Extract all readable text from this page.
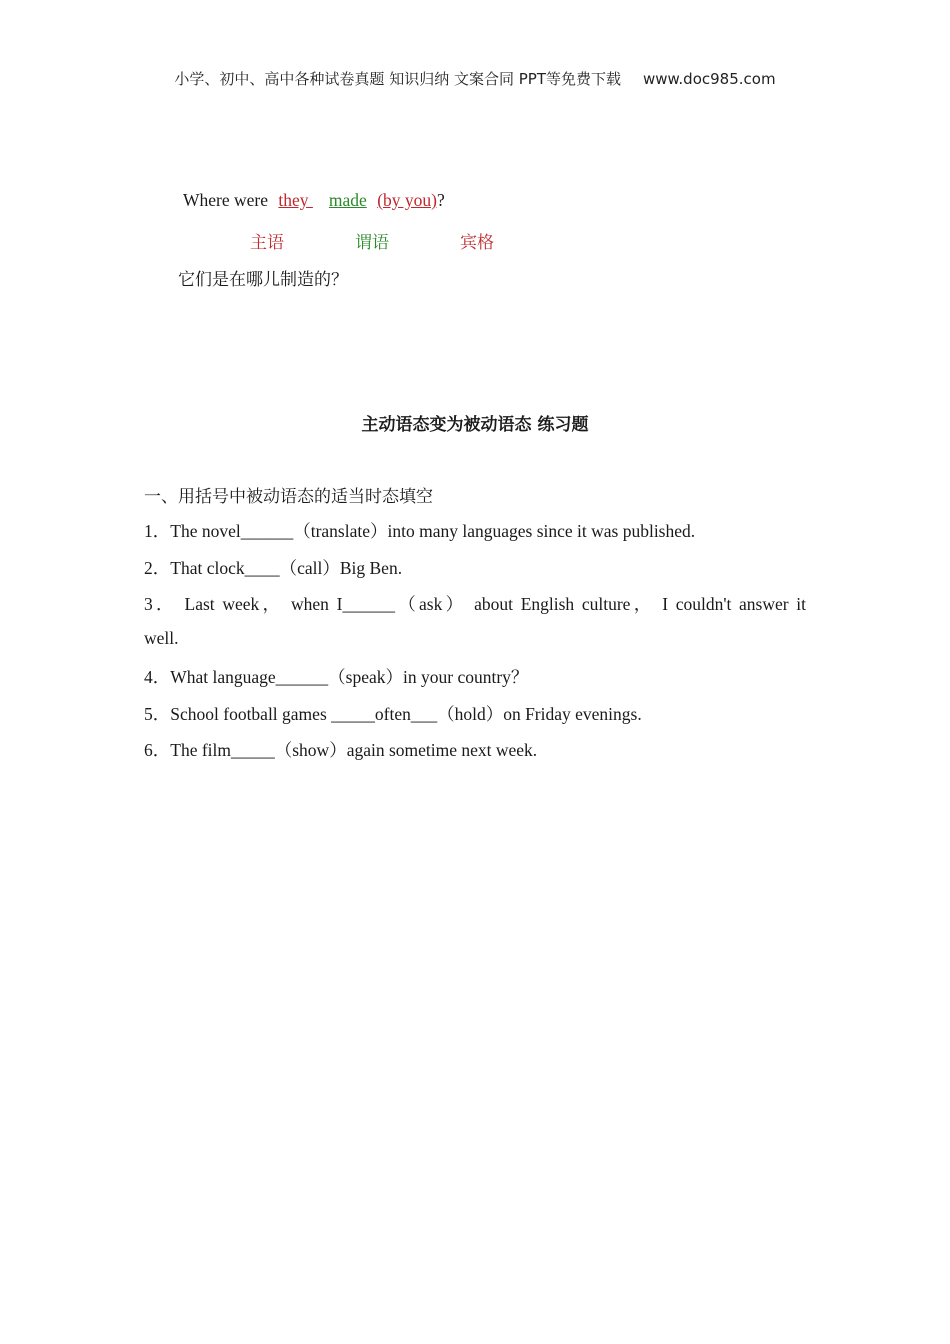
小学、初中、高中各种试卷真题 知识归纳 文案合同 PPT等免费下载 www.doc985.com
Where were they made (by you)?
主语	谓语	宾格
它们是在哪儿制造的？
主动语态变为被动语态 练习题
一、用括号中被动语态的适当时态填空
1．The novel______（translate）into many languages since it was published.
2．That clock____（call）Big Ben.
3． Last week， when I______（ask） about English culture， I couldn't answer it
well.
4．What language______（speak）in your country？
5．School football games _____often___（hold）on Friday evenings.
6．The film_____（show）again sometime next week.
